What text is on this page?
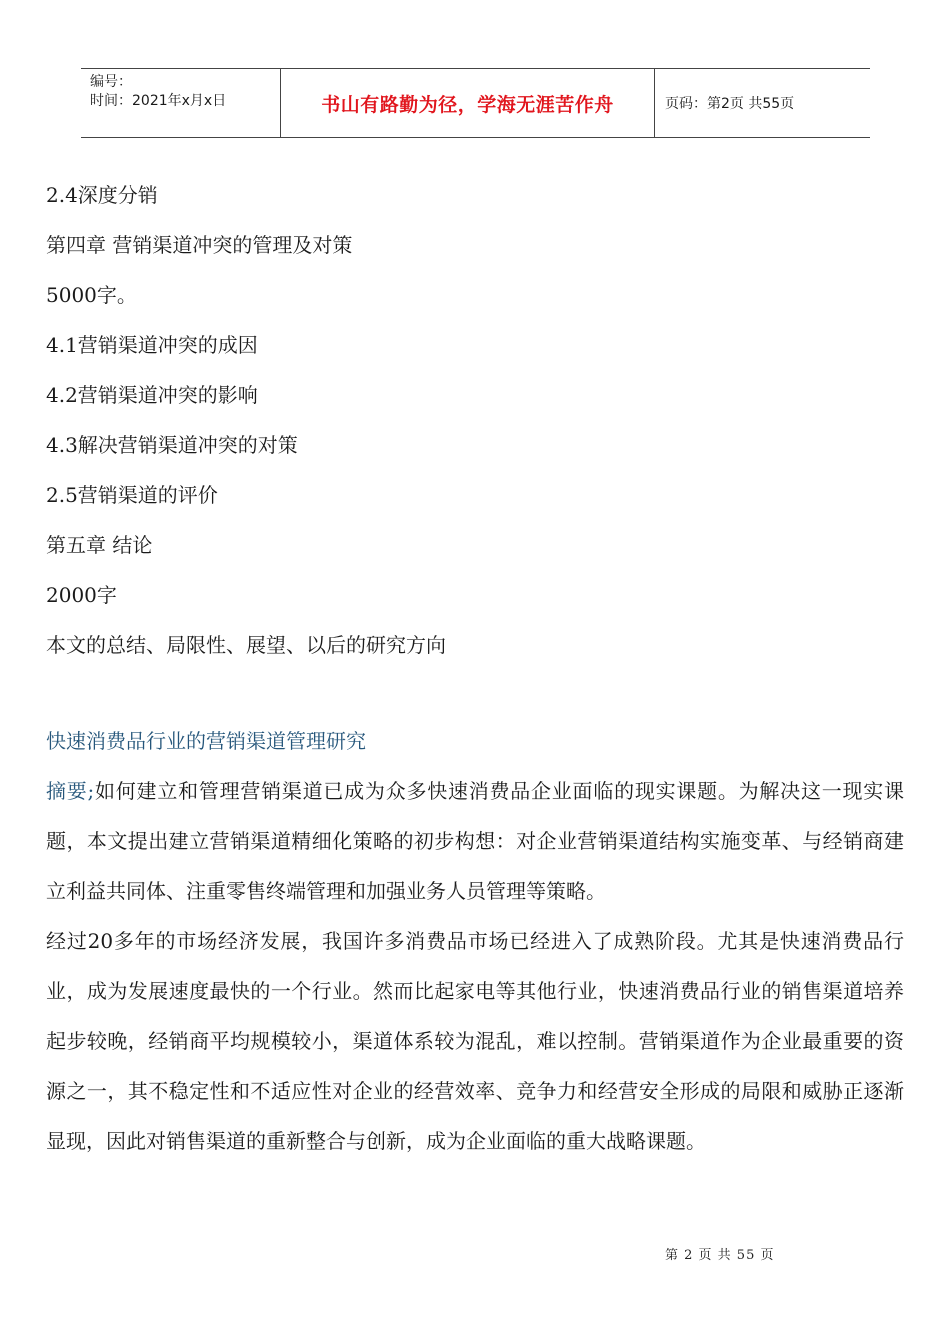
编号：
时间：2021年x月x日	书山有路勤为径，学海无涯苦作舟	页码：第2页 共55页
2.4深度分销
第四章 营销渠道冲突的管理及对策
5000字。
4.1营销渠道冲突的成因
4.2营销渠道冲突的影响
4.3解决营销渠道冲突的对策
2.5营销渠道的评价
第五章 结论
2000字
本文的总结、局限性、展望、以后的研究方向
快速消费品行业的营销渠道管理研究
摘要;如何建立和管理营销渠道已成为众多快速消费品企业面临的现实课题。为解决这一现实课题，本文提出建立营销渠道精细化策略的初步构想：对企业营销渠道结构实施变革、与经销商建立利益共同体、注重零售终端管理和加强业务人员管理等策略。
经过20多年的市场经济发展，我国许多消费品市场已经进入了成熟阶段。尤其是快速消费品行业，成为发展速度最快的一个行业。然而比起家电等其他行业，快速消费品行业的销售渠道培养起步较晚，经销商平均规模较小，渠道体系较为混乱，难以控制。营销渠道作为企业最重要的资源之一，其不稳定性和不适应性对企业的经营效率、竞争力和经营安全形成的局限和威胁正逐渐显现，因此对销售渠道的重新整合与创新，成为企业面临的重大战略课题。
第 2 页 共 55 页
